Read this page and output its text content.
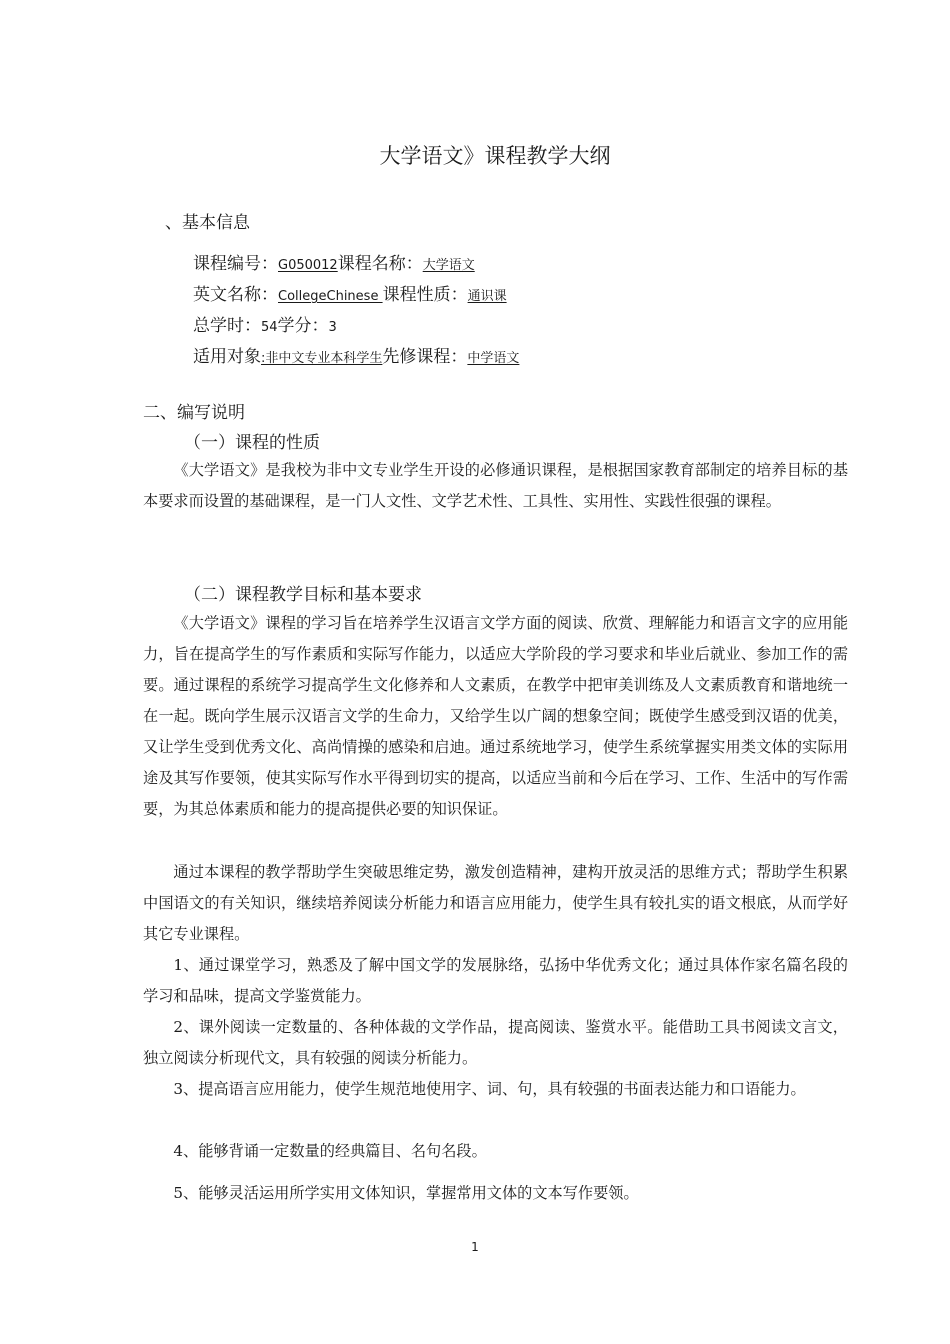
大学语文》课程教学大纲
、基本信息
课程编号：G050012课程名称：大学语文
英文名称：CollegeChinese 课程性质：通识课
总学时：54学分：3
适用对象:非中文专业本科学生先修课程：中学语文
二、编写说明
（一）课程的性质
《大学语文》是我校为非中文专业学生开设的必修通识课程，是根据国家教育部制定的培养目标的基本要求而设置的基础课程，是一门人文性、文学艺术性、工具性、实用性、实践性很强的课程。
（二）课程教学目标和基本要求
《大学语文》课程的学习旨在培养学生汉语言文学方面的阅读、欣赏、理解能力和语言文字的应用能力，旨在提高学生的写作素质和实际写作能力，以适应大学阶段的学习要求和毕业后就业、参加工作的需要。通过课程的系统学习提高学生文化修养和人文素质，在教学中把审美训练及人文素质教育和谐地统一在一起。既向学生展示汉语言文学的生命力，又给学生以广阔的想象空间；既使学生感受到汉语的优美，又让学生受到优秀文化、高尚情操的感染和启迪。通过系统地学习，使学生系统掌握实用类文体的实际用途及其写作要领，使其实际写作水平得到切实的提高，以适应当前和今后在学习、工作、生活中的写作需要，为其总体素质和能力的提高提供必要的知识保证。
通过本课程的教学帮助学生突破思维定势，激发创造精神，建构开放灵活的思维方式；帮助学生积累中国语文的有关知识，继续培养阅读分析能力和语言应用能力，使学生具有较扎实的语文根底，从而学好其它专业课程。
1、通过课堂学习，熟悉及了解中国文学的发展脉络，弘扬中华优秀文化；通过具体作家名篇名段的学习和品味，提高文学鉴赏能力。
2、课外阅读一定数量的、各种体裁的文学作品，提高阅读、鉴赏水平。能借助工具书阅读文言文，独立阅读分析现代文，具有较强的阅读分析能力。
3、提高语言应用能力，使学生规范地使用字、词、句，具有较强的书面表达能力和口语能力。
4、能够背诵一定数量的经典篇目、名句名段。
5、能够灵活运用所学实用文体知识，掌握常用文体的文本写作要领。
1
